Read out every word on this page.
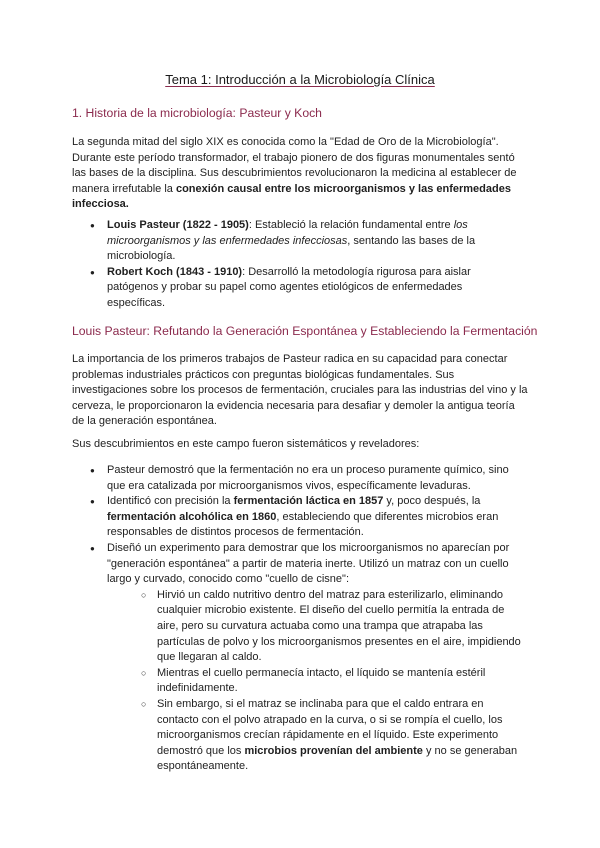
Tema 1: Introducción a la Microbiología Clínica
1. Historia de la microbiología: Pasteur y Koch
La segunda mitad del siglo XIX es conocida como la "Edad de Oro de la Microbiología". Durante este período transformador, el trabajo pionero de dos figuras monumentales sentó las bases de la disciplina. Sus descubrimientos revolucionaron la medicina al establecer de manera irrefutable la conexión causal entre los microorganismos y las enfermedades infecciosa.
● Louis Pasteur (1822 - 1905): Estableció la relación fundamental entre los microorganismos y las enfermedades infecciosas, sentando las bases de la microbiología.
● Robert Koch (1843 - 1910): Desarrolló la metodología rigurosa para aislar patógenos y probar su papel como agentes etiológicos de enfermedades específicas.
Louis Pasteur: Refutando la Generación Espontánea y Estableciendo la Fermentación
La importancia de los primeros trabajos de Pasteur radica en su capacidad para conectar problemas industriales prácticos con preguntas biológicas fundamentales. Sus investigaciones sobre los procesos de fermentación, cruciales para las industrias del vino y la cerveza, le proporcionaron la evidencia necesaria para desafiar y demoler la antigua teoría de la generación espontánea.
Sus descubrimientos en este campo fueron sistemáticos y reveladores:
● Pasteur demostró que la fermentación no era un proceso puramente químico, sino que era catalizada por microorganismos vivos, específicamente levaduras.
● Identificó con precisión la fermentación láctica en 1857 y, poco después, la fermentación alcohólica en 1860, estableciendo que diferentes microbios eran responsables de distintos procesos de fermentación.
● Diseñó un experimento para demostrar que los microorganismos no aparecían por "generación espontánea" a partir de materia inerte. Utilizó un matraz con un cuello largo y curvado, conocido como "cuello de cisne":
○ Hirvió un caldo nutritivo dentro del matraz para esterilizarlo, eliminando cualquier microbio existente. El diseño del cuello permitía la entrada de aire, pero su curvatura actuaba como una trampa que atrapaba las partículas de polvo y los microorganismos presentes en el aire, impidiendo que llegaran al caldo.
○ Mientras el cuello permanecía intacto, el líquido se mantenía estéril indefinidamente.
○ Sin embargo, si el matraz se inclinaba para que el caldo entrara en contacto con el polvo atrapado en la curva, o si se rompía el cuello, los microorganismos crecían rápidamente en el líquido. Este experimento demostró que los microbios provenían del ambiente y no se generaban espontáneamente.
